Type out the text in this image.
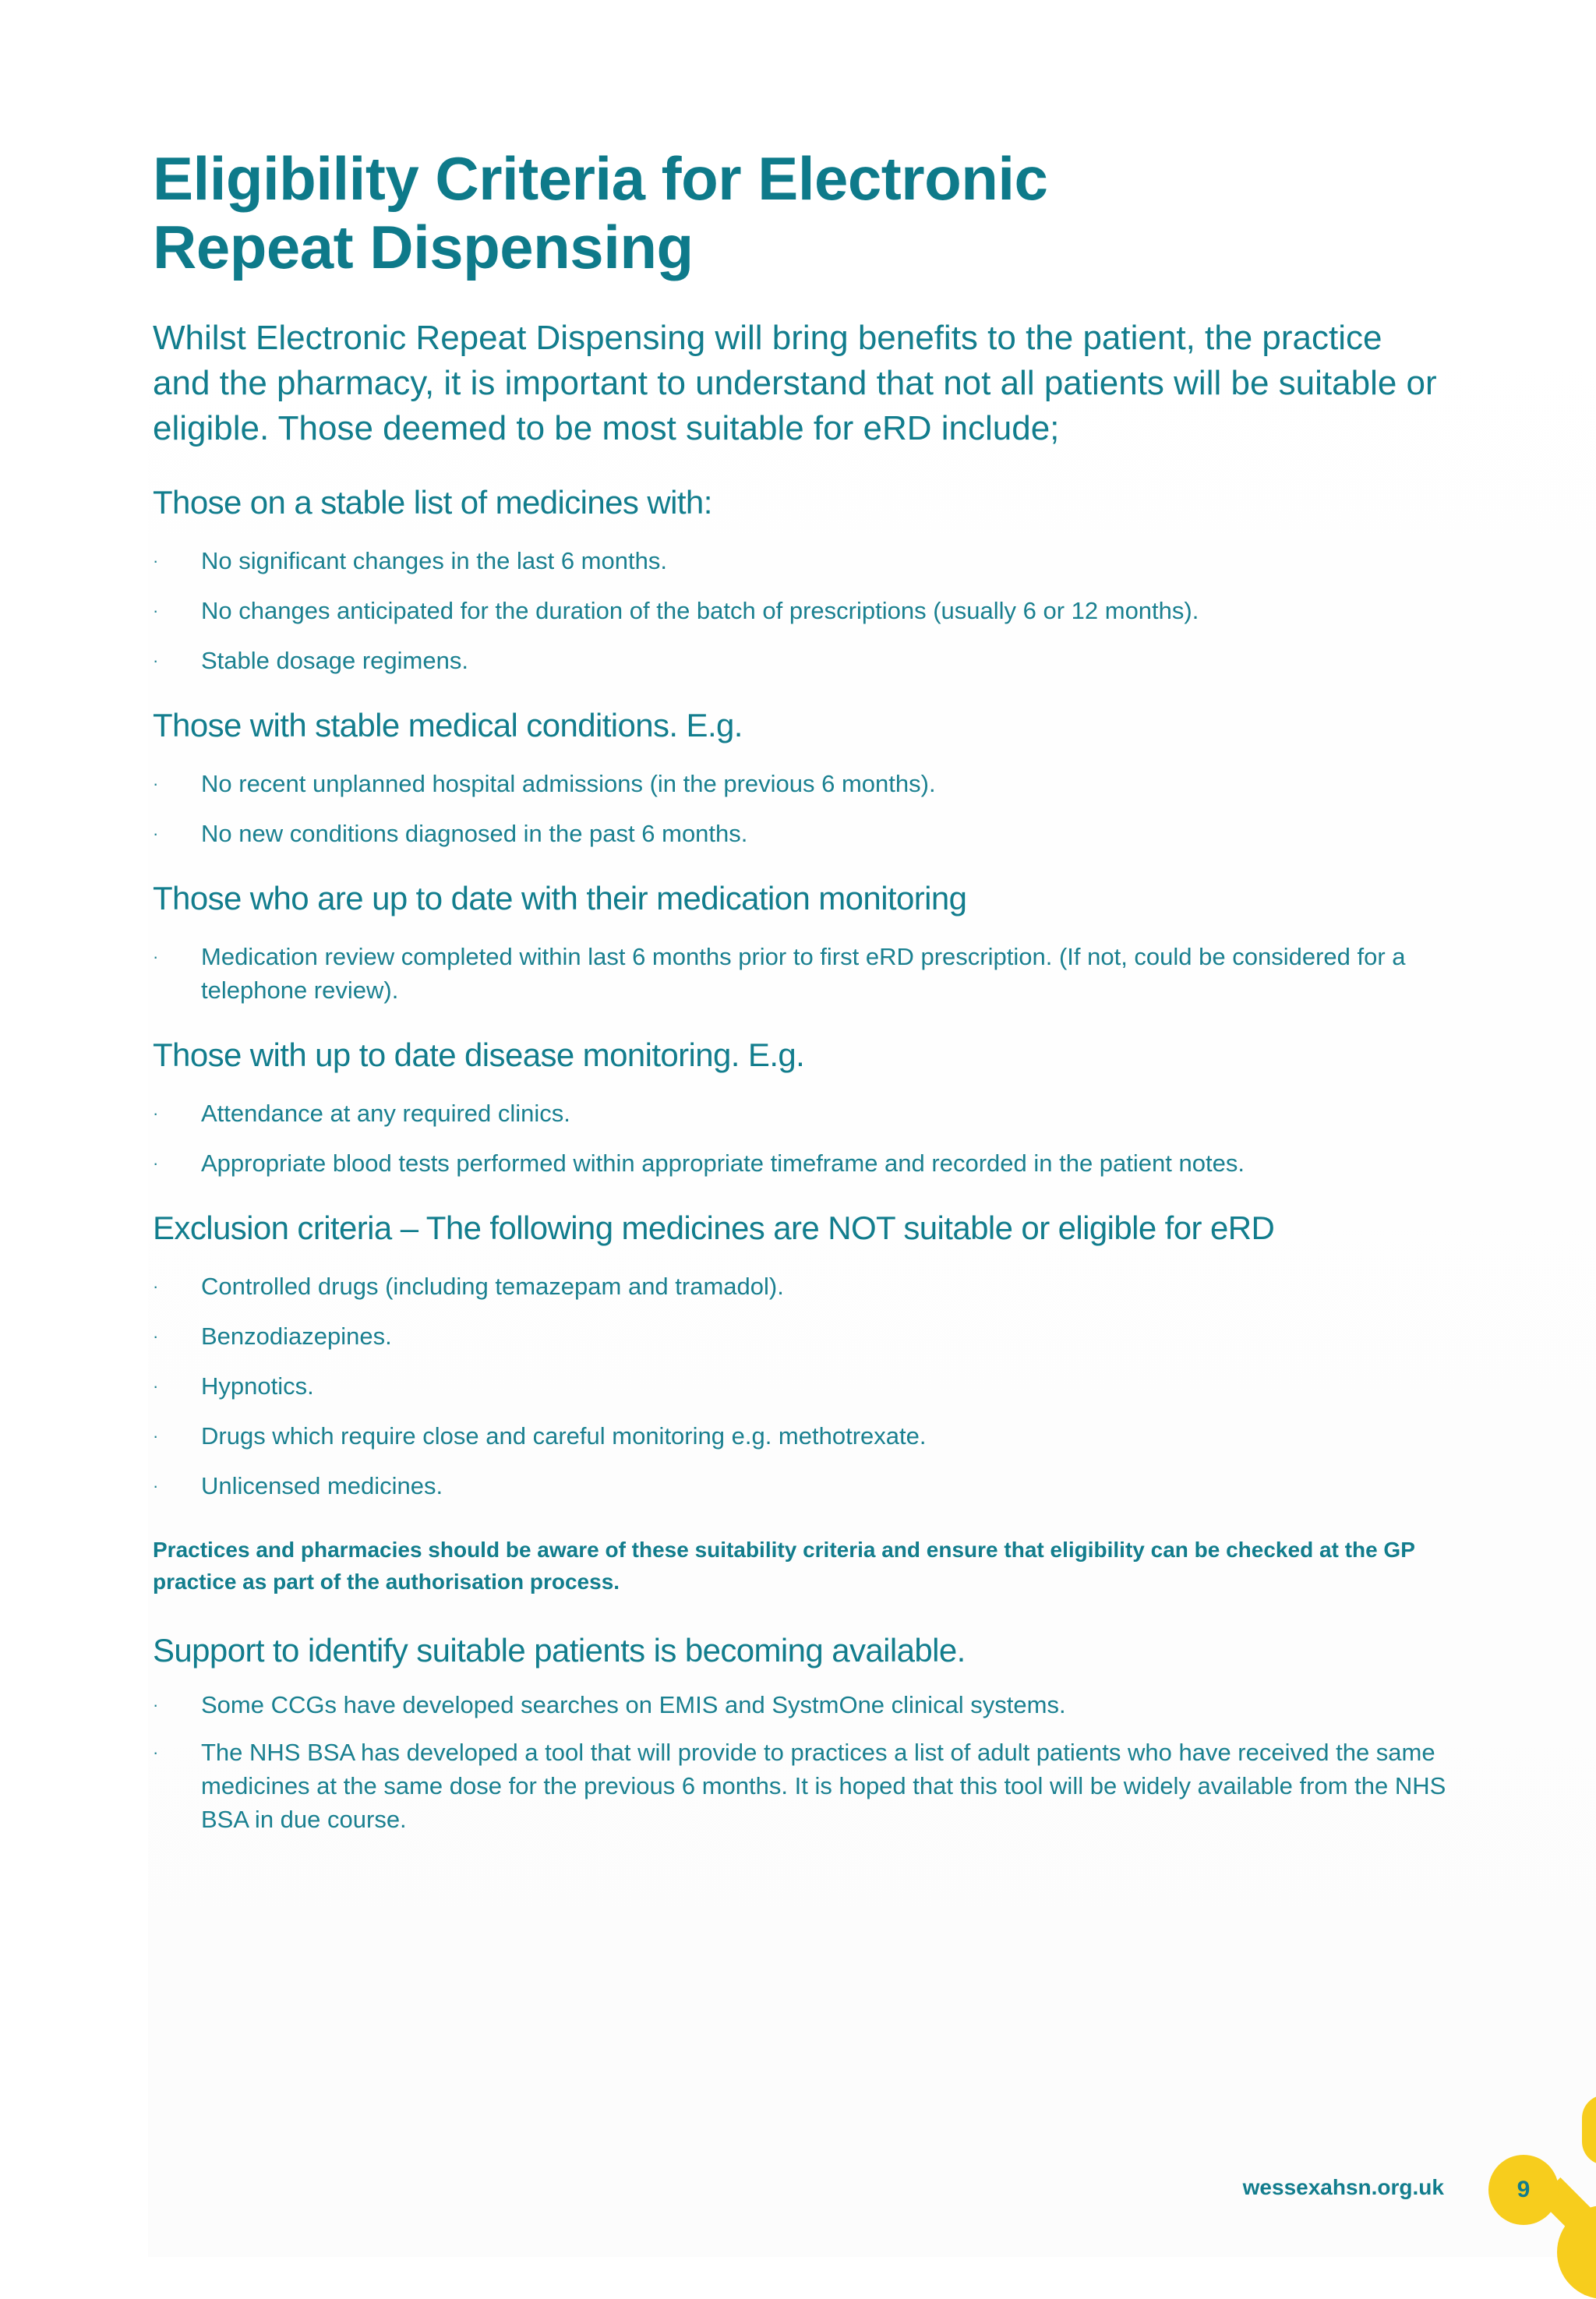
Eligibility Criteria for Electronic
Repeat Dispensing

Whilst Electronic Repeat Dispensing will bring benefits to the patient, the practice and the pharmacy, it is important to understand that not all patients will be suitable or eligible. Those deemed to be most suitable for eRD include;

Those on a stable list of medicines with:
·	No significant changes in the last 6 months.
·	No changes anticipated for the duration of the batch of prescriptions (usually 6 or 12 months).
·	Stable dosage regimens.
Those with stable medical conditions. E.g.
·	No recent unplanned hospital admissions (in the previous 6 months).
·	No new conditions diagnosed in the past 6 months.
Those who are up to date with their medication monitoring
·	Medication review completed within last 6 months prior to first eRD prescription. (If not, could be considered for a telephone review).
Those with up to date disease monitoring. E.g.
·	Attendance at any required clinics.
·	Appropriate blood tests performed within appropriate timeframe and recorded in the patient notes.
Exclusion criteria – The following medicines are NOT suitable or eligible for eRD
·	Controlled drugs (including temazepam and tramadol).
·	Benzodiazepines.
·	Hypnotics.
·	Drugs which require close and careful monitoring e.g. methotrexate.
·	Unlicensed medicines.

Practices and pharmacies should be aware of these suitability criteria and ensure that eligibility can be checked at the GP practice as part of the authorisation process.

Support to identify suitable patients is becoming available.
·	Some CCGs have developed searches on EMIS and SystmOne clinical systems.
·	The NHS BSA has developed a tool that will provide to practices a list of adult patients who have received the same medicines at the same dose for the previous 6 months. It is hoped that this tool will be widely available from the NHS BSA in due course.
wessexahsn.org.uk	9
